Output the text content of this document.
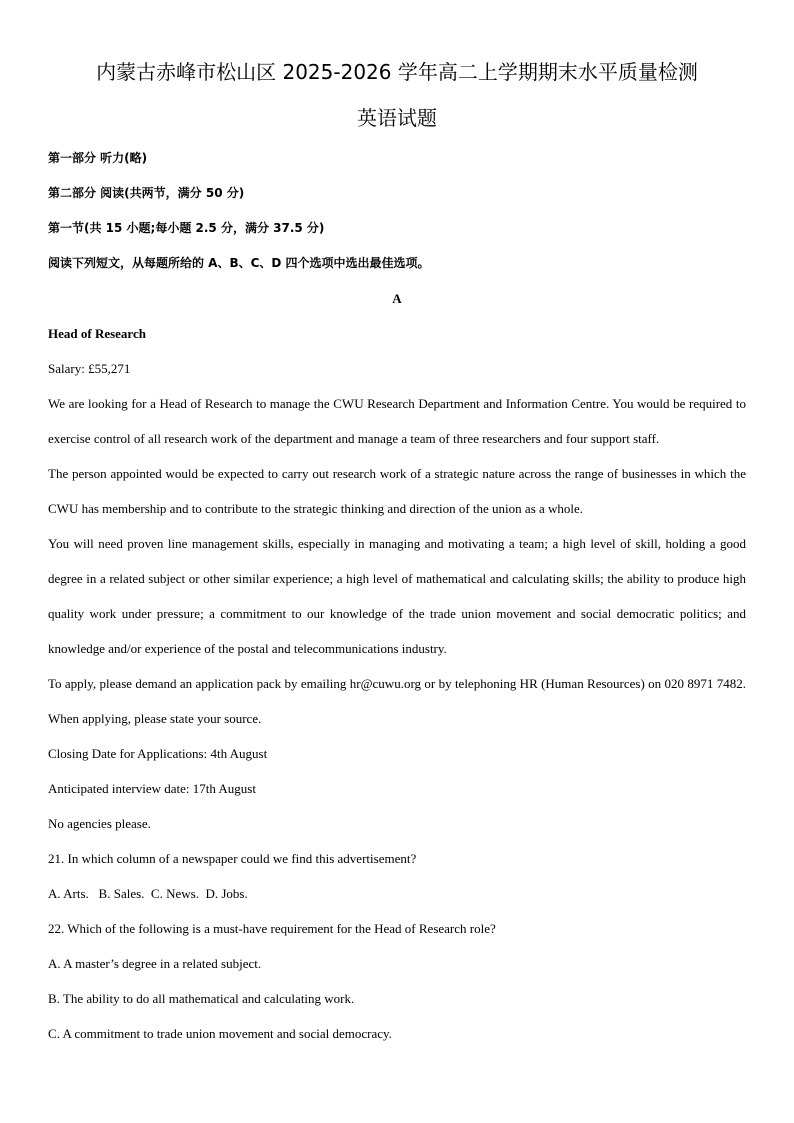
内蒙古赤峰市松山区 2025-2026 学年高二上学期期末水平质量检测
英语试题
第一部分 听力(略)
第二部分 阅读(共两节，满分 50 分)
第一节(共 15 小题;每小题 2.5 分，满分 37.5 分)
阅读下列短文，从每题所给的 A、B、C、D 四个选项中选出最佳选项。
A
Head of Research
Salary: £55,271
We are looking for a Head of Research to manage the CWU Research Department and Information Centre. You would be required to exercise control of all research work of the department and manage a team of three researchers and four support staff.
The person appointed would be expected to carry out research work of a strategic nature across the range of businesses in which the CWU has membership and to contribute to the strategic thinking and direction of the union as a whole.
You will need proven line management skills, especially in managing and motivating a team; a high level of skill, holding a good degree in a related subject or other similar experience; a high level of mathematical and calculating skills; the ability to produce high quality work under pressure; a commitment to our knowledge of the trade union movement and social democratic politics; and knowledge and/or experience of the postal and telecommunications industry.
To apply, please demand an application pack by emailing hr@cuwu.org or by telephoning HR (Human Resources) on 020 8971 7482. When applying, please state your source.
Closing Date for Applications: 4th August
Anticipated interview date: 17th August
No agencies please.
21. In which column of a newspaper could we find this advertisement?
A. Arts.   B. Sales.  C. News.  D. Jobs.
22. Which of the following is a must-have requirement for the Head of Research role?
A. A master’s degree in a related subject.
B. The ability to do all mathematical and calculating work.
C. A commitment to trade union movement and social democracy.
